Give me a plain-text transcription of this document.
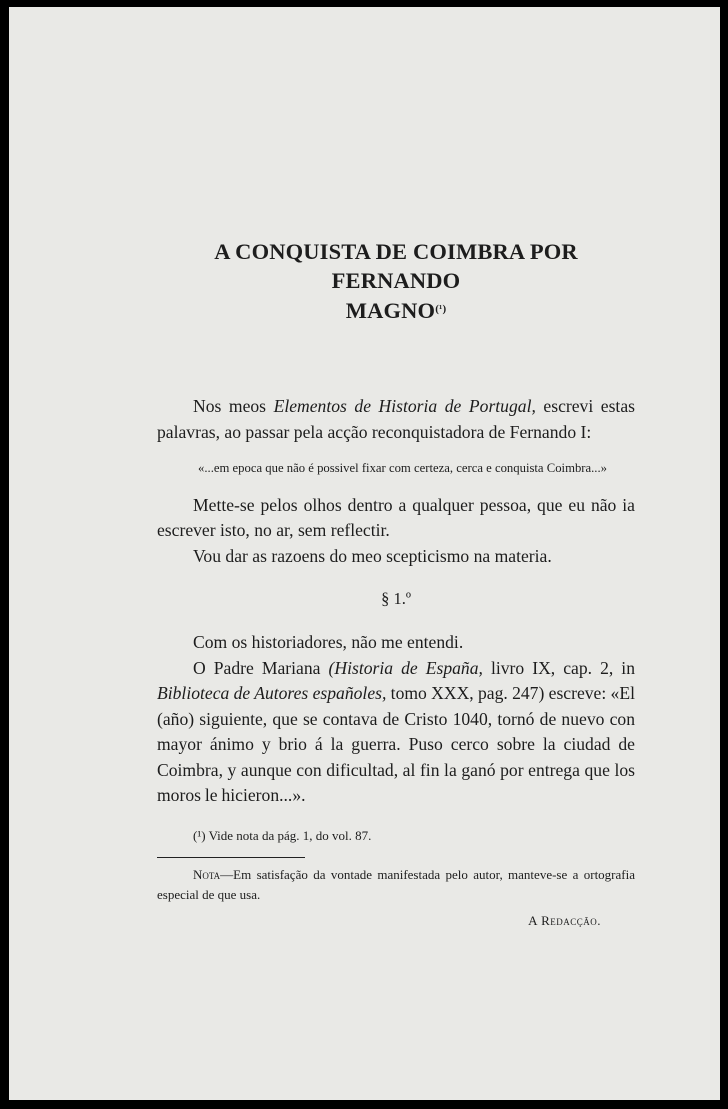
A CONQUISTA DE COIMBRA POR FERNANDO
MAGNO$^{(^1)}$

Nos meos Elementos de Historia de Portugal, escrevi estas palavras, ao passar pela acção reconquistadora de Fernando I:

«...em epoca que não é possivel fixar com certeza, cerca e conquista Coimbra...»

Mette-se pelos olhos dentro a qualquer pessoa, que eu não ia escrever isto, no ar, sem reflectir.

Vou dar as razoens do meo scepticismo na materia.

§ 1.º

Com os historiadores, não me entendi.

O Padre Mariana (Historia de España, livro IX, cap. 2, in Biblioteca de Autores españoles, tomo XXX, pag. 247) escreve: «El (año) siguiente, que se contava de Cristo 1040, tornó de nuevo con mayor ánimo y brio á la guerra. Puso cerco sobre la ciudad de Coimbra, y aunque con dificultad, al fin la ganó por entrega que los moros le hicieron...».

(¹) Vide nota da pág. 1, do vol. 87.

Nota—Em satisfação da vontade manifestada pelo autor, manteve-se a ortografia especial de que usa.

A Redacção.
